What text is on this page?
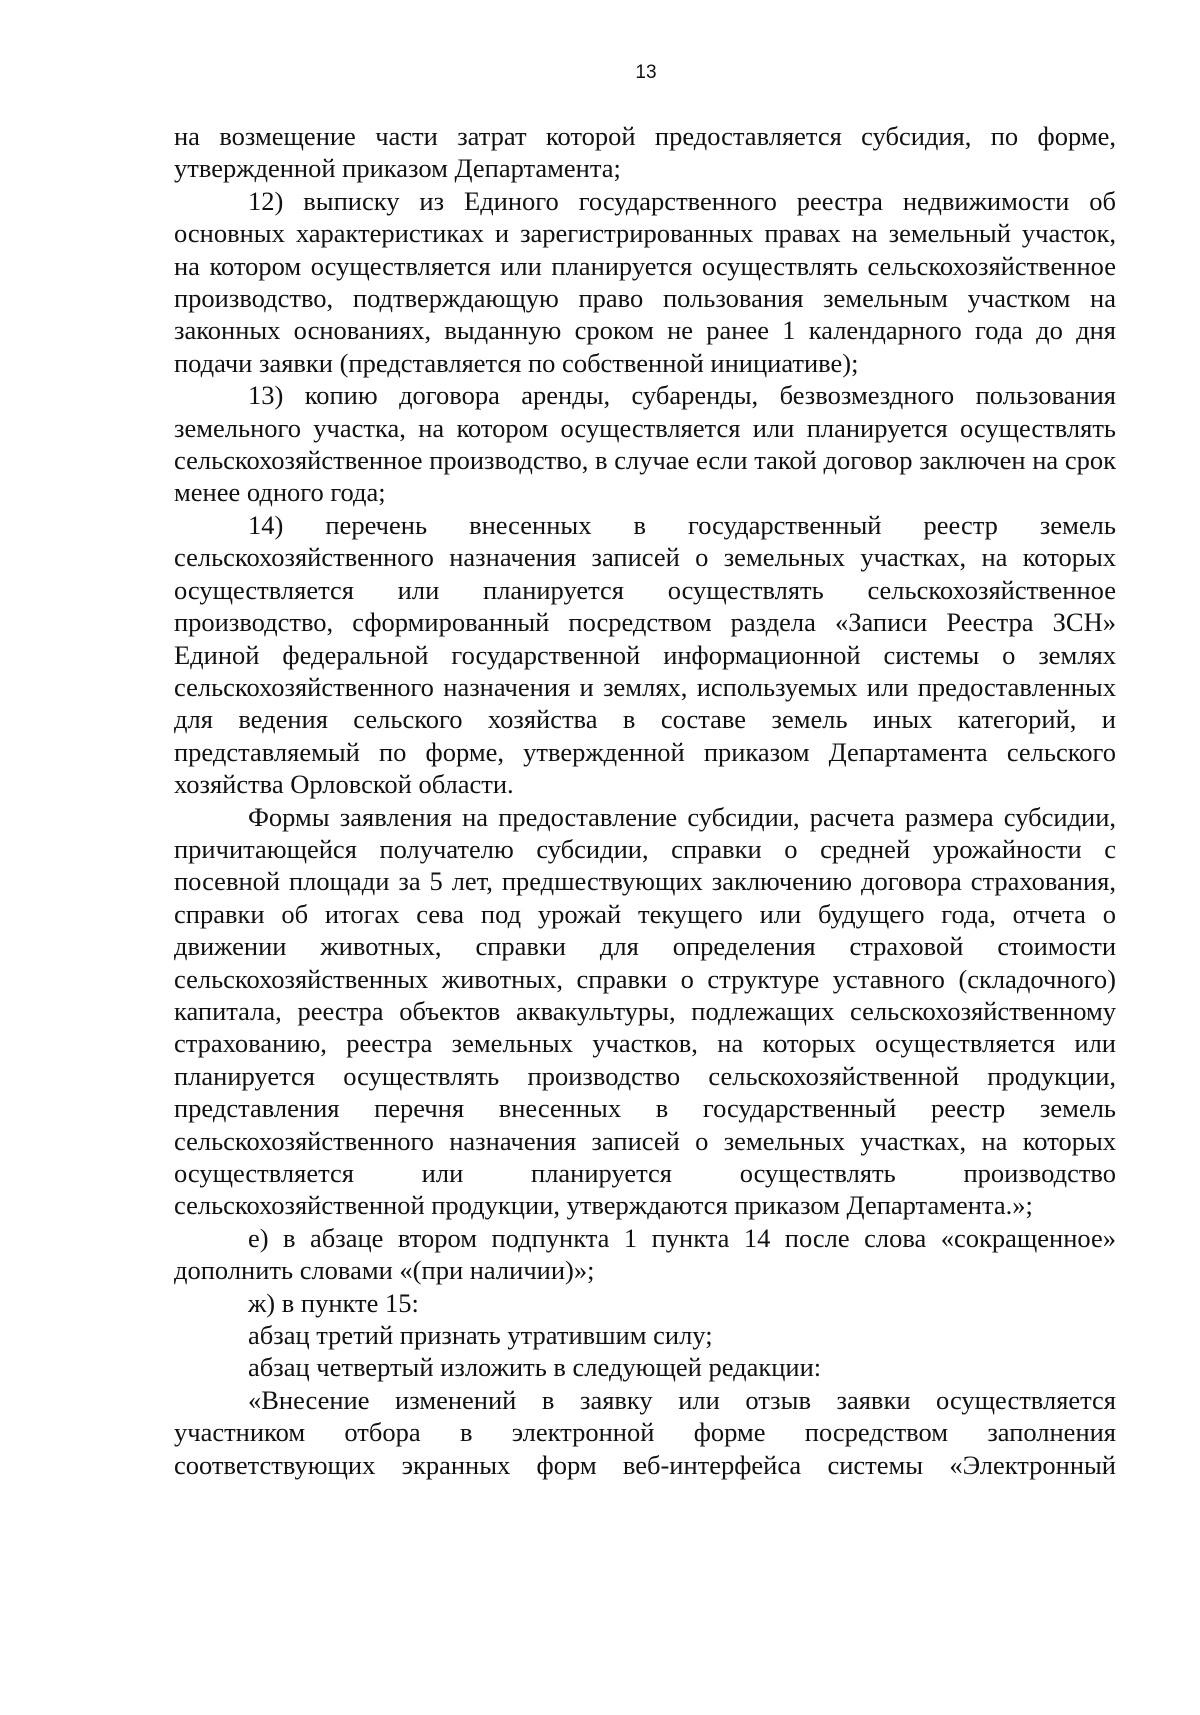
13

на возмещение части затрат которой предоставляется субсидия, по форме, утвержденной приказом Департамента;

12) выписку из Единого государственного реестра недвижимости об основных характеристиках и зарегистрированных правах на земельный участок, на котором осуществляется или планируется осуществлять сельскохозяйственное производство, подтверждающую право пользования земельным участком на законных основаниях, выданную сроком не ранее 1 календарного года до дня подачи заявки (представляется по собственной инициативе);

13) копию договора аренды, субаренды, безвозмездного пользования земельного участка, на котором осуществляется или планируется осуществлять сельскохозяйственное производство, в случае если такой договор заключен на срок менее одного года;

14) перечень внесенных в государственный реестр земель сельскохозяйственного назначения записей о земельных участках, на которых осуществляется или планируется осуществлять сельскохозяйственное производство, сформированный посредством раздела «Записи Реестра ЗСН» Единой федеральной государственной информационной системы о землях сельскохозяйственного назначения и землях, используемых или предоставленных для ведения сельского хозяйства в составе земель иных категорий, и представляемый по форме, утвержденной приказом Департамента сельского хозяйства Орловской области.

Формы заявления на предоставление субсидии, расчета размера субсидии, причитающейся получателю субсидии, справки о средней урожайности с посевной площади за 5 лет, предшествующих заключению договора страхования, справки об итогах сева под урожай текущего или будущего года, отчета о движении животных, справки для определения страховой стоимости сельскохозяйственных животных, справки о структуре уставного (складочного) капитала, реестра объектов аквакультуры, подлежащих сельскохозяйственному страхованию, реестра земельных участков, на которых осуществляется или планируется осуществлять производство сельскохозяйственной продукции, представления перечня внесенных в государственный реестр земель сельскохозяйственного назначения записей о земельных участках, на которых осуществляется или планируется осуществлять производство сельскохозяйственной продукции, утверждаются приказом Департамента.»;

е) в абзаце втором подпункта 1 пункта 14 после слова «сокращенное» дополнить словами «(при наличии)»;

ж) в пункте 15:

абзац третий признать утратившим силу;

абзац четвертый изложить в следующей редакции:

«Внесение изменений в заявку или отзыв заявки осуществляется участником отбора в электронной форме посредством заполнения соответствующих экранных форм веб-интерфейса системы «Электронный
